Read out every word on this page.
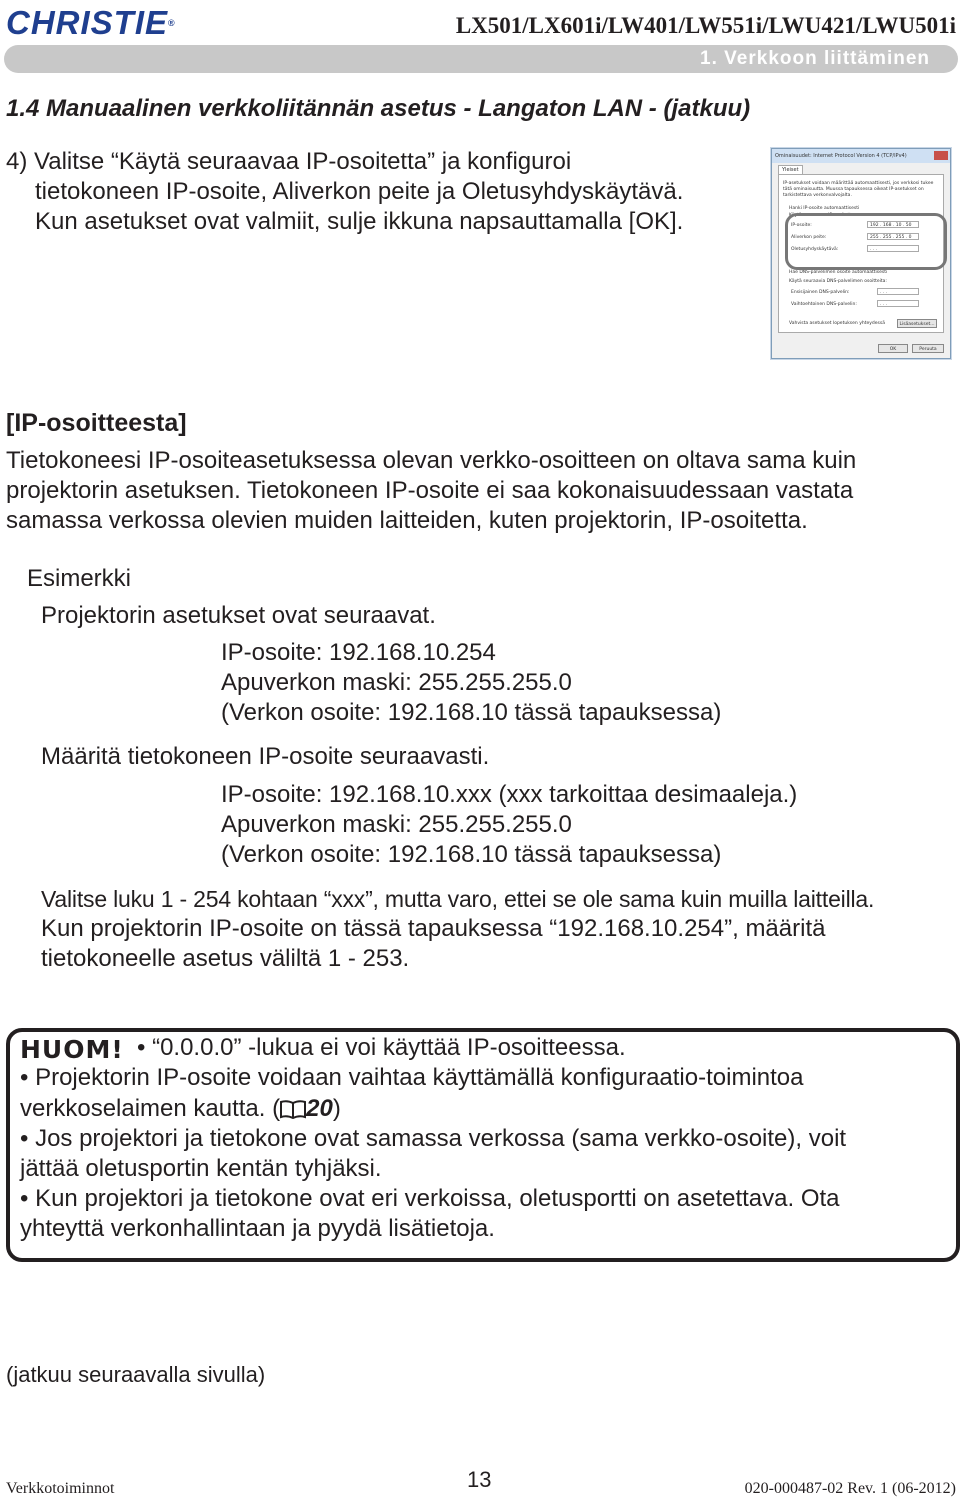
CHRISTIE®	LX501/LX601i/LW401/LW551i/LWU421/LWU501i
1. Verkkoon liittäminen
1.4 Manuaalinen verkkoliitännän asetus - Langaton LAN - (jatkuu)
4) Valitse “Käytä seuraavaa IP-osoitetta” ja konfiguroi
tietokoneen IP-osoite, Aliverkon peite ja Oletusyhdyskäytävä.
Kun asetukset ovat valmiit, sulje ikkuna napsauttamalla [OK].
Ominaisuudet: Internet Protocol Version 4 (TCP/IPv4)
Yleiset
IP-asetukset voidaan määrittää automaattisesti, jos verkkosi tukee
tätä ominaisuutta. Muussa tapauksessa oikeat IP-asetukset on
tarkistettava verkonvalvojalta.
Hanki IP-osoite automaattisesti
Käytä seuraavaa IP-osoitetta:
IP-osoite:	192 . 168 . 10 . 50
Aliverkon peite:	255 . 255 . 255 . 0
Oletusyhdyskäytävä:	. . .
Hae DNS-palvelimen osoite automaattisesti
Käytä seuraavia DNS-palvelimen osoitteita:
Ensisijainen DNS-palvelin:	. . .
Vaihtoehtoinen DNS-palvelin:	. . .
Vahvista asetukset lopetuksen yhteydessä	Lisäasetukset...
OK	Peruuta
[IP-osoitteesta]
Tietokoneesi IP-osoiteasetuksessa olevan verkko-osoitteen on oltava sama kuin
projektorin asetuksen. Tietokoneen IP-osoite ei saa kokonaisuudessaan vastata
samassa verkossa olevien muiden laitteiden, kuten projektorin, IP-osoitetta.
Esimerkki
Projektorin asetukset ovat seuraavat.
IP-osoite: 192.168.10.254
Apuverkon maski: 255.255.255.0
(Verkon osoite: 192.168.10 tässä tapauksessa)
Määritä tietokoneen IP-osoite seuraavasti.
IP-osoite: 192.168.10.xxx (xxx tarkoittaa desimaaleja.)
Apuverkon maski: 255.255.255.0
(Verkon osoite: 192.168.10 tässä tapauksessa)
Valitse luku 1 - 254 kohtaan “xxx”, mutta varo, ettei se ole sama kuin muilla laitteilla.
Kun projektorin IP-osoite on tässä tapauksessa “192.168.10.254”, määritä
tietokoneelle asetus väliltä 1 - 253.
HUOM! • “0.0.0.0” -lukua ei voi käyttää IP-osoitteessa.
• Projektorin IP-osoite voidaan vaihtaa käyttämällä konfiguraatio-toimintoa
verkkoselaimen kautta. ( 20)
• Jos projektori ja tietokone ovat samassa verkossa (sama verkko-osoite), voit
jättää oletusportin kentän tyhjäksi.
• Kun projektori ja tietokone ovat eri verkoissa, oletusportti on asetettava. Ota
yhteyttä verkonhallintaan ja pyydä lisätietoja.
(jatkuu seuraavalla sivulla)
Verkkotoiminnot	13	020-000487-02 Rev. 1 (06-2012)
